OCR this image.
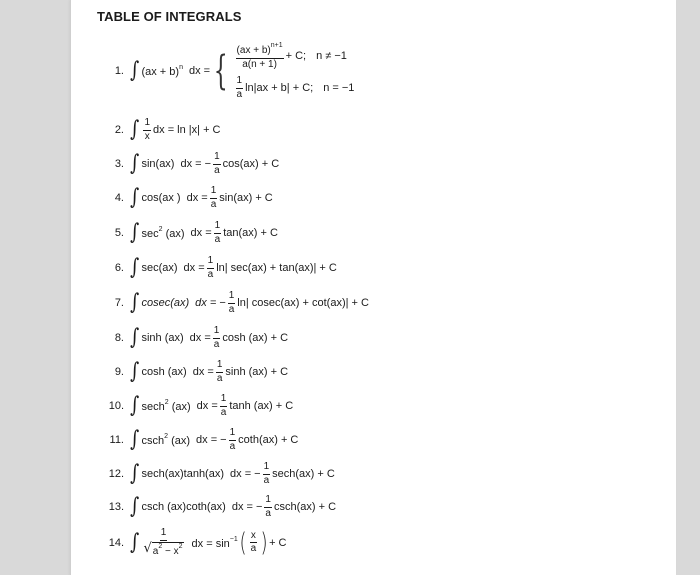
TABLE OF INTEGRALS
1. ∫ (ax + b)$^n$ dx = { $\frac{(ax + b)^{n+1}}{a(n + 1)} + C$; n ≠ −1
$\frac{1}{a} \ln|ax + b| + C$; n = −1
2. ∫ $\frac{1}{x}$ dx = ln |x| + C
3. ∫ sin(ax) dx = − $\frac{1}{a} \cos(ax) + C$
4. ∫ cos(ax ) dx = $\frac{1}{a} \sin(ax) + C$
5. ∫ $\sec^2 (ax)$ dx = $\frac{1}{a} \tan(ax) + C$
6. ∫ sec(ax) dx = $\frac{1}{a} \ln|$ sec(ax) + tan(ax)| + C
7. ∫ cosec(ax) dx = − $\frac{1}{a} \ln|$ cosec(ax) + cot(ax)| + C
8. ∫ sinh (ax) dx = $\frac{1}{a}$ cosh (ax) + C
9. ∫ cosh (ax) dx = $\frac{1}{a}$ sinh (ax) + C
10. ∫ sech$^2$ (ax) dx = $\frac{1}{a}$ tanh (ax) + C
11. ∫ csch$^2$ (ax) dx = − $\frac{1}{a} \cot h(ax) + C$
12. ∫ sech(ax)tanh(ax) dx = − $\frac{1}{a} \sec h(ax) + C$
13. ∫ csch (ax)coth(ax) dx = − $\frac{1}{a} \csc h(ax) + C$
14. ∫ $\frac{1}{√ a^2 - x^2}$ dx = $\sin^{-1}$ ( $\frac{x}{a}$ ) + C
